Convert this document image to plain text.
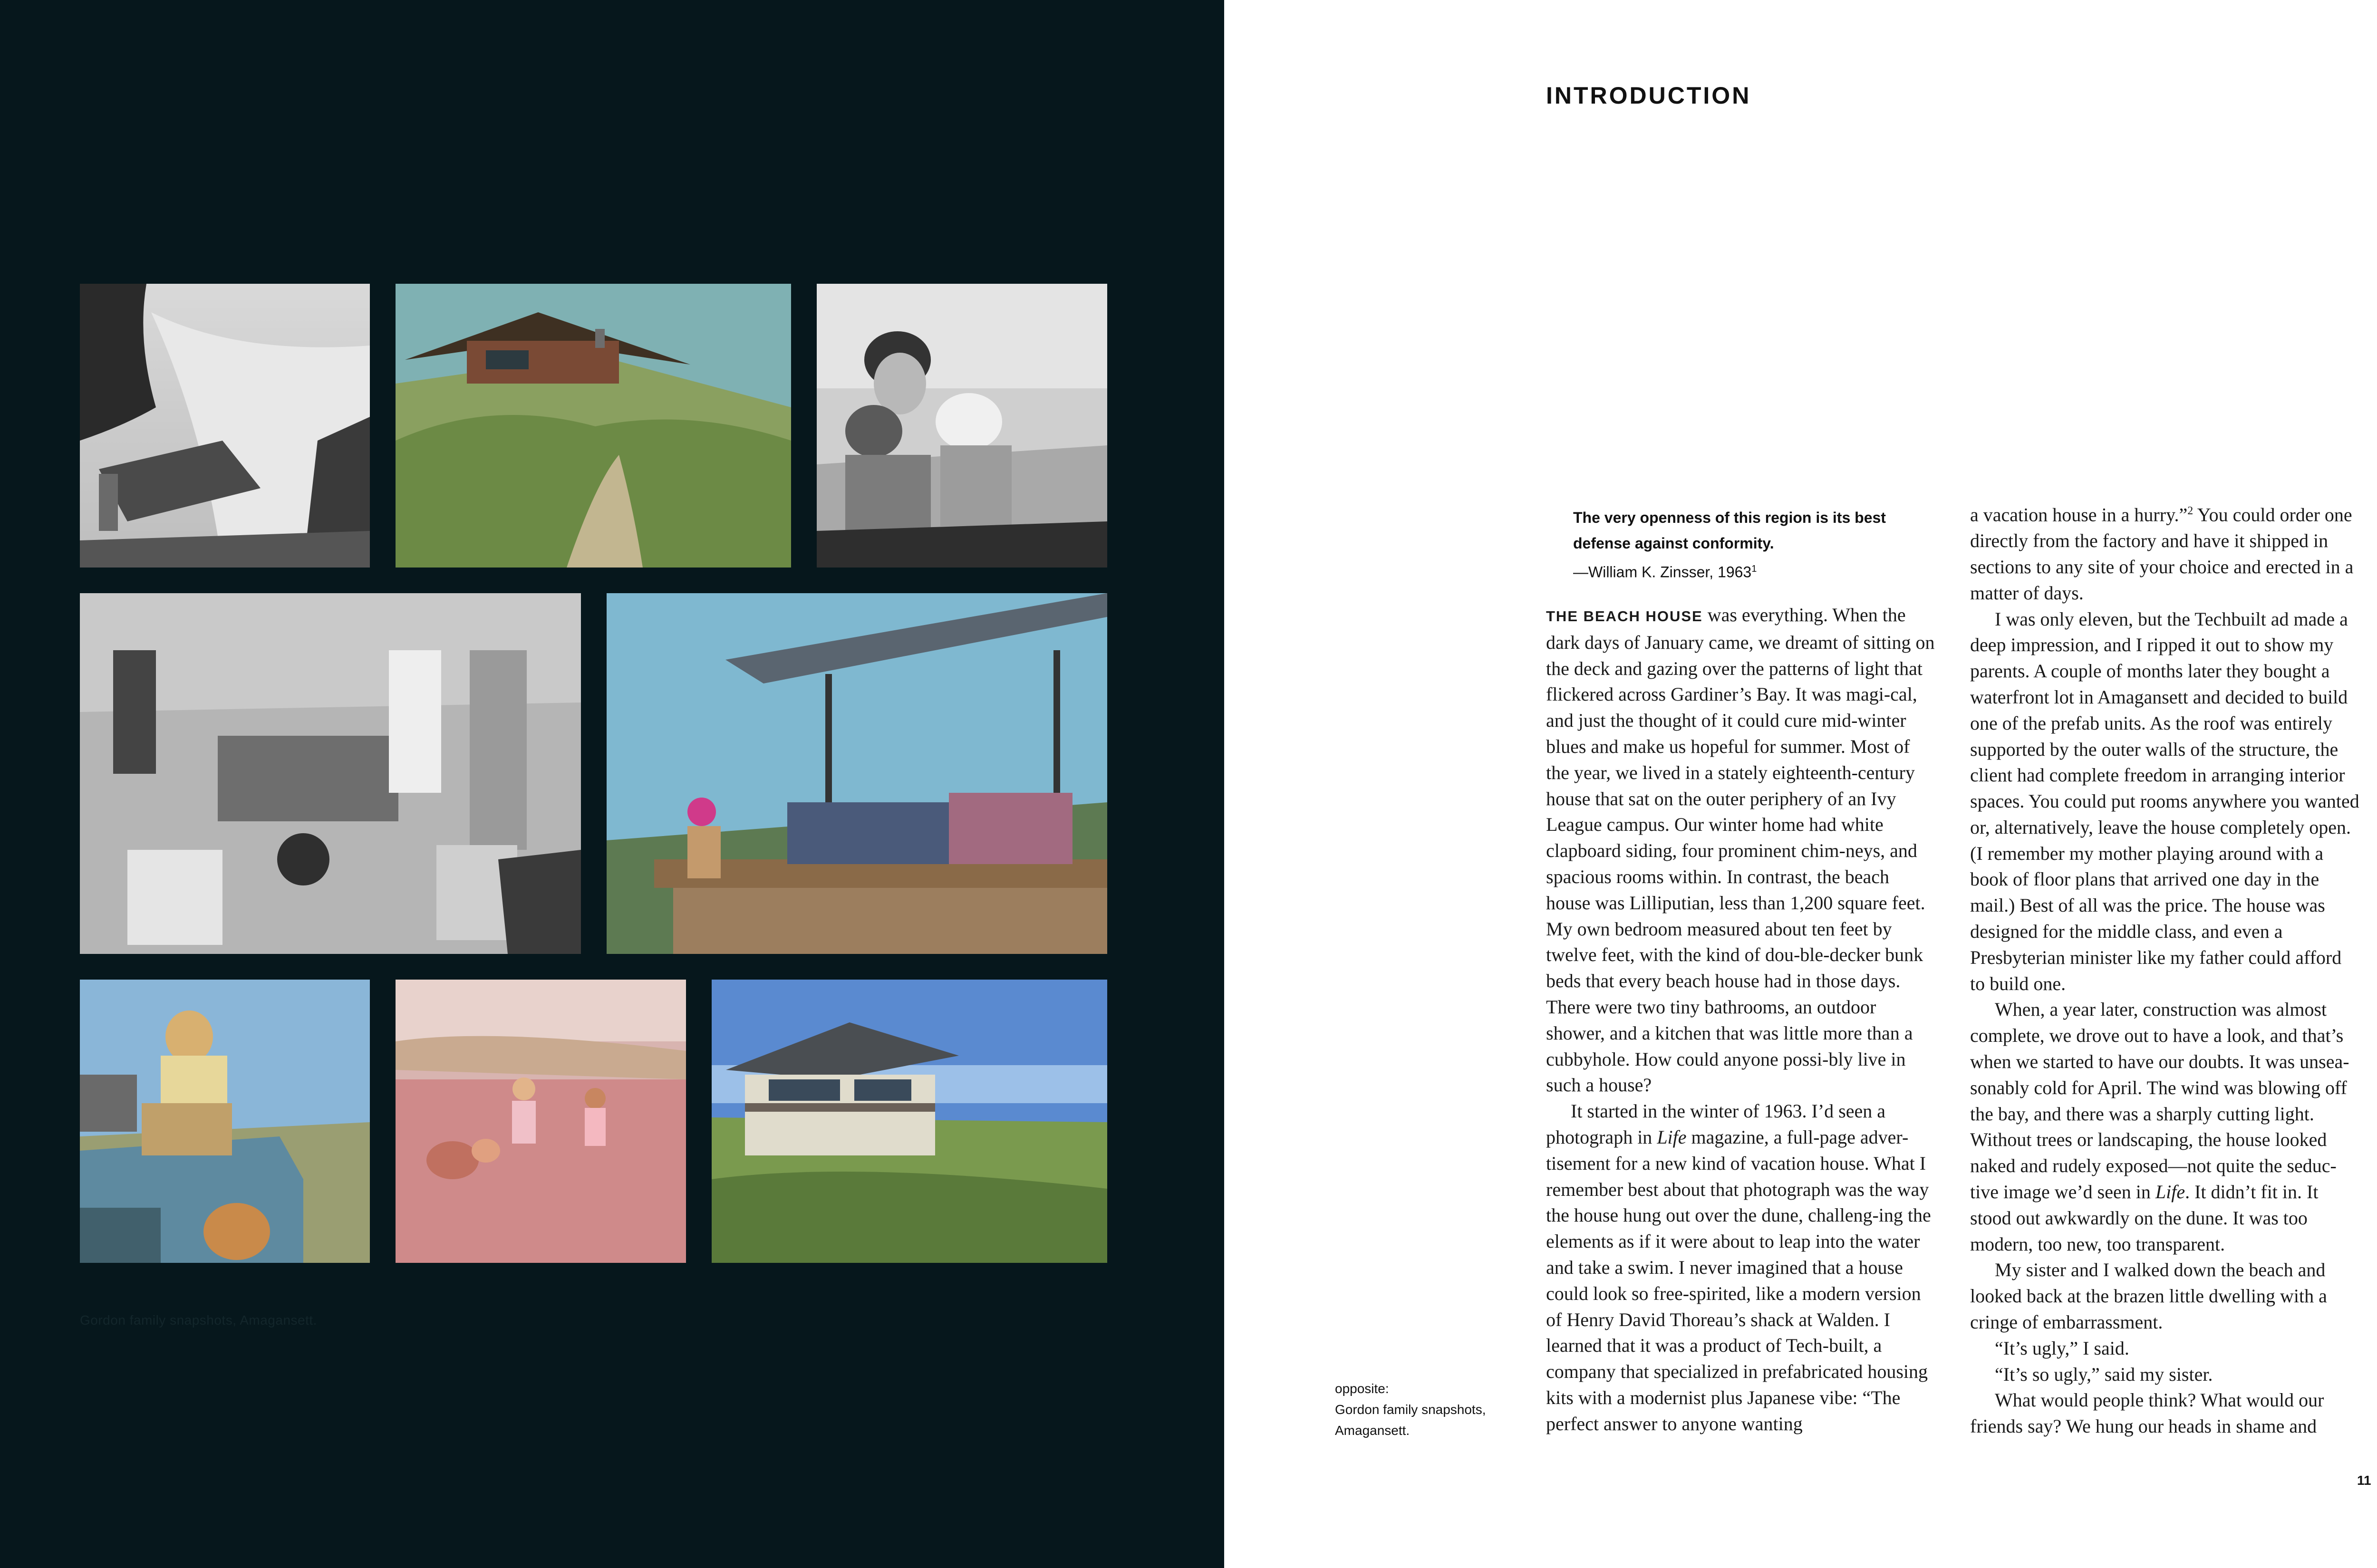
Gordon family snapshots, Amagansett.
INTRODUCTION
The very openness of this region is its best
defense against conformity.
—William K. Zinsser, 1963$^1$

THE BEACH HOUSE was everything. When the dark days of January came, we dreamt of sitting on the deck and gazing over the patterns of light that flickered across Gardiner’s Bay. It was magi-cal, and just the thought of it could cure mid-winter blues and make us hopeful for summer. Most of the year, we lived in a stately eighteenth-century house that sat on the outer periphery of an Ivy League campus. Our winter home had white clapboard siding, four prominent chim-neys, and spacious rooms within. In contrast, the beach house was Lilliputian, less than 1,200 square feet. My own bedroom measured about ten feet by twelve feet, with the kind of dou-ble-decker bunk beds that every beach house had in those days. There were two tiny bathrooms, an outdoor shower, and a kitchen that was little more than a cubbyhole. How could anyone possi-bly live in such a house?

It started in the winter of 1963. I’d seen a photograph in Life magazine, a full-page adver-tisement for a new kind of vacation house. What I remember best about that photograph was the way the house hung out over the dune, challeng-ing the elements as if it were about to leap into the water and take a swim. I never imagined that a house could look so free-spirited, like a modern version of Henry David Thoreau’s shack at Walden. I learned that it was a product of Tech-built, a company that specialized in prefabricated housing kits with a modernist plus Japanese vibe: “The perfect answer to anyone wanting

a vacation house in a hurry.”$^2$ You could order one directly from the factory and have it shipped in sections to any site of your choice and erected in a matter of days.

I was only eleven, but the Techbuilt ad made a deep impression, and I ripped it out to show my parents. A couple of months later they bought a waterfront lot in Amagansett and decided to build one of the prefab units. As the roof was entirely supported by the outer walls of the structure, the client had complete freedom in arranging interior spaces. You could put rooms anywhere you wanted or, alternatively, leave the house completely open. (I remember my mother playing around with a book of floor plans that arrived one day in the mail.) Best of all was the price. The house was designed for the middle class, and even a Presbyterian minister like my father could afford to build one.

When, a year later, construction was almost complete, we drove out to have a look, and that’s when we started to have our doubts. It was unsea-sonably cold for April. The wind was blowing off the bay, and there was a sharply cutting light. Without trees or landscaping, the house looked naked and rudely exposed—not quite the seduc-tive image we’d seen in Life. It didn’t fit in. It stood out awkwardly on the dune. It was too modern, too new, too transparent.

My sister and I walked down the beach and looked back at the brazen little dwelling with a cringe of embarrassment.

“It’s ugly,” I said.

“It’s so ugly,” said my sister.

What would people think? What would our friends say? We hung our heads in shame and

opposite:
Gordon family snapshots,
Amagansett.
11
